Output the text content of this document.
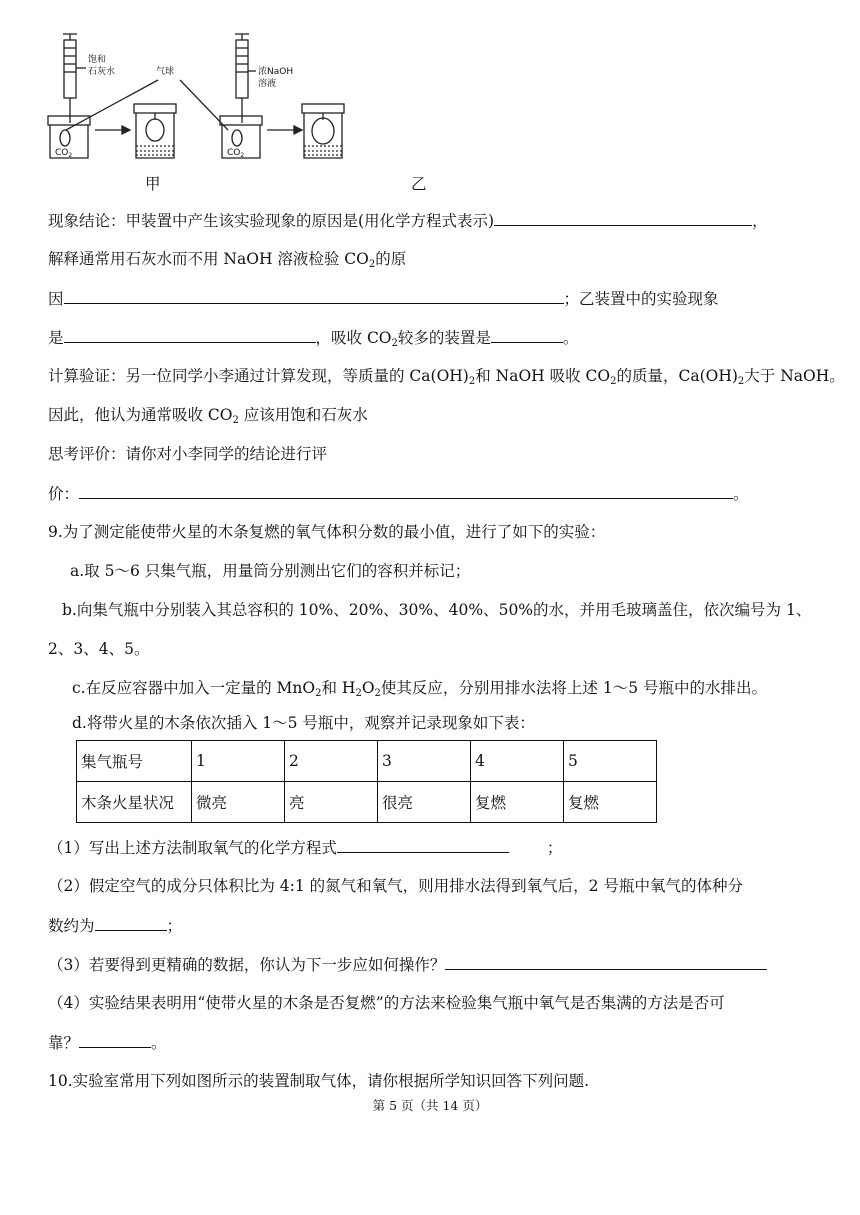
饱和
石灰水	气球	浓NaOH
溶液
$CO_2$	$CO_2$
甲	乙
现象结论：甲装置中产生该实验现象的原因是(用化学方程式表示)	，
解释通常用石灰水而不用 NaOH 溶液检验 $CO_2$的原
因	；乙装置中的实验现象
是	，吸收 $CO_2$较多的装置是	。
计算验证：另一位同学小李通过计算发现，等质量的 $Ca(OH)_2$和 NaOH 吸收 $CO_2$的质量，$Ca(OH)_2$大于 NaOH。
因此，他认为通常吸收 $CO_2$ 应该用饱和石灰水
思考评价：请你对小李同学的结论进行评
价：	。
9.为了测定能使带火星的木条复燃的氧气体积分数的最小值，进行了如下的实验：
a.取 5～6 只集气瓶，用量筒分别测出它们的容积并标记；
b.向集气瓶中分别装入其总容积的 10%、20%、30%、40%、50%的水，并用毛玻璃盖住，依次编号为 1、
2、3、4、5。
c.在反应容器中加入一定量的 MnO$_2$和 $H_2O_2$使其反应，分别用排水法将上述 1～5 号瓶中的水排出。
d.将带火星的木条依次插入 1～5 号瓶中，观察并记录现象如下表：
集气瓶号	1	2	3	4	5
木条火星状况	微亮	亮	很亮	复燃	复燃
（1）写出上述方法制取氧气的化学方程式	；
（2）假定空气的成分只体积比为 4:1 的氮气和氧气，则用排水法得到氧气后，2 号瓶中氧气的体种分
数约为	；
（3）若要得到更精确的数据，你认为下一步应如何操作？
（4）实验结果表明用“使带火星的木条是否复燃”的方法来检验集气瓶中氧气是否集满的方法是否可
靠？	。
10.实验室常用下列如图所示的装置制取气体，请你根据所学知识回答下列问题.
第 5 页（共 14 页）
